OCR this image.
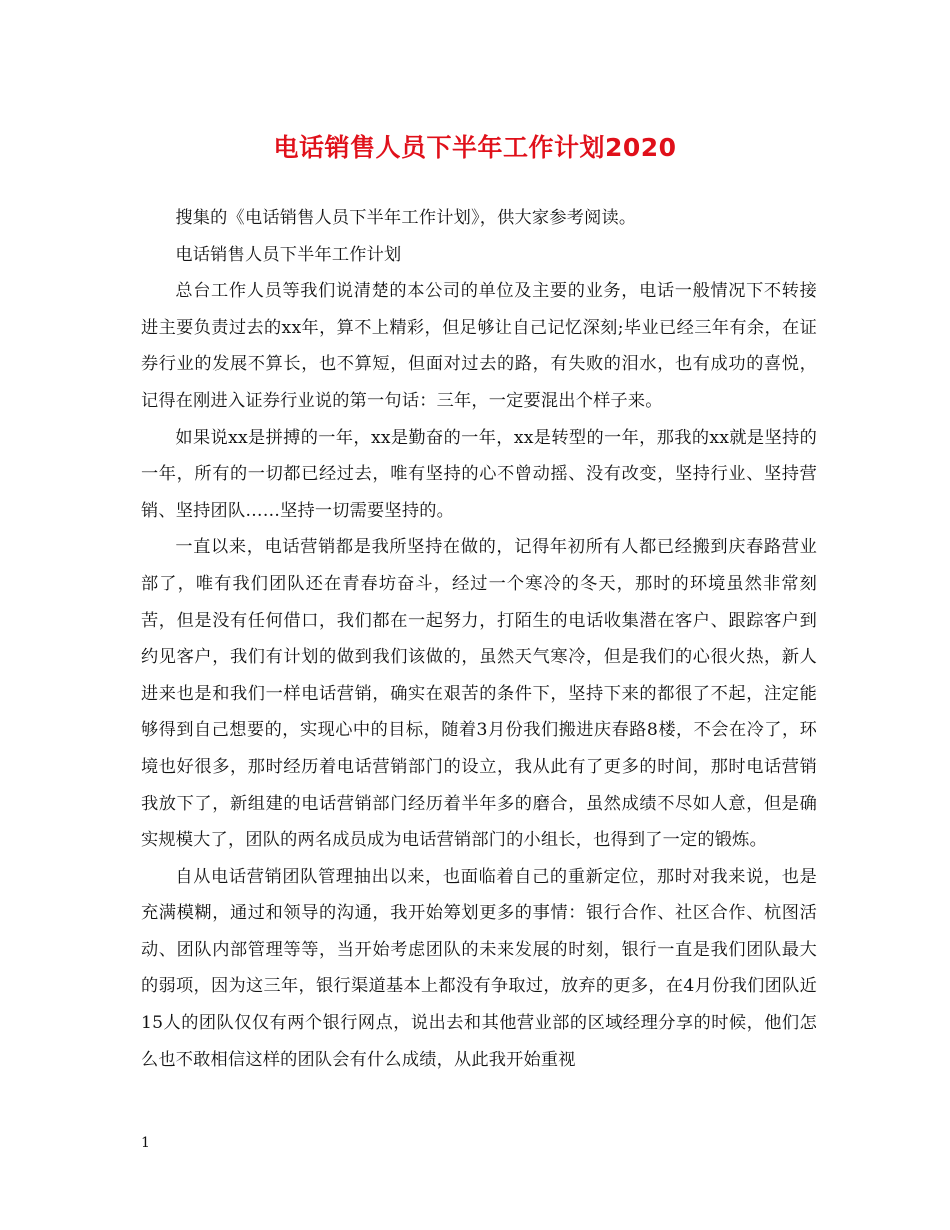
电话销售人员下半年工作计划2020

搜集的《电话销售人员下半年工作计划》，供大家参考阅读。

电话销售人员下半年工作计划

总台工作人员等我们说清楚的本公司的单位及主要的业务，电话一般情况下不转接进主要负责过去的xx年，算不上精彩，但足够让自己记忆深刻;毕业已经三年有余，在证券行业的发展不算长，也不算短，但面对过去的路，有失败的泪水，也有成功的喜悦，记得在刚进入证券行业说的第一句话：三年，一定要混出个样子来。

如果说xx是拼搏的一年，xx是勤奋的一年，xx是转型的一年，那我的xx就是坚持的一年，所有的一切都已经过去，唯有坚持的心不曾动摇、没有改变，坚持行业、坚持营销、坚持团队……坚持一切需要坚持的。

一直以来，电话营销都是我所坚持在做的，记得年初所有人都已经搬到庆春路营业部了，唯有我们团队还在青春坊奋斗，经过一个寒冷的冬天，那时的环境虽然非常刻苦，但是没有任何借口，我们都在一起努力，打陌生的电话收集潜在客户、跟踪客户到约见客户，我们有计划的做到我们该做的，虽然天气寒冷，但是我们的心很火热，新人进来也是和我们一样电话营销，确实在艰苦的条件下，坚持下来的都很了不起，注定能够得到自己想要的，实现心中的目标，随着3月份我们搬进庆春路8楼，不会在冷了，环境也好很多，那时经历着电话营销部门的设立，我从此有了更多的时间，那时电话营销我放下了，新组建的电话营销部门经历着半年多的磨合，虽然成绩不尽如人意，但是确实规模大了，团队的两名成员成为电话营销部门的小组长，也得到了一定的锻炼。

自从电话营销团队管理抽出以来，也面临着自己的重新定位，那时对我来说，也是充满模糊，通过和领导的沟通，我开始筹划更多的事情：银行合作、社区合作、杭图活动、团队内部管理等等，当开始考虑团队的未来发展的时刻，银行一直是我们团队最大的弱项，因为这三年，银行渠道基本上都没有争取过，放弃的更多，在4月份我们团队近15人的团队仅仅有两个银行网点，说出去和其他营业部的区域经理分享的时候，他们怎么也不敢相信这样的团队会有什么成绩，从此我开始重视

1
